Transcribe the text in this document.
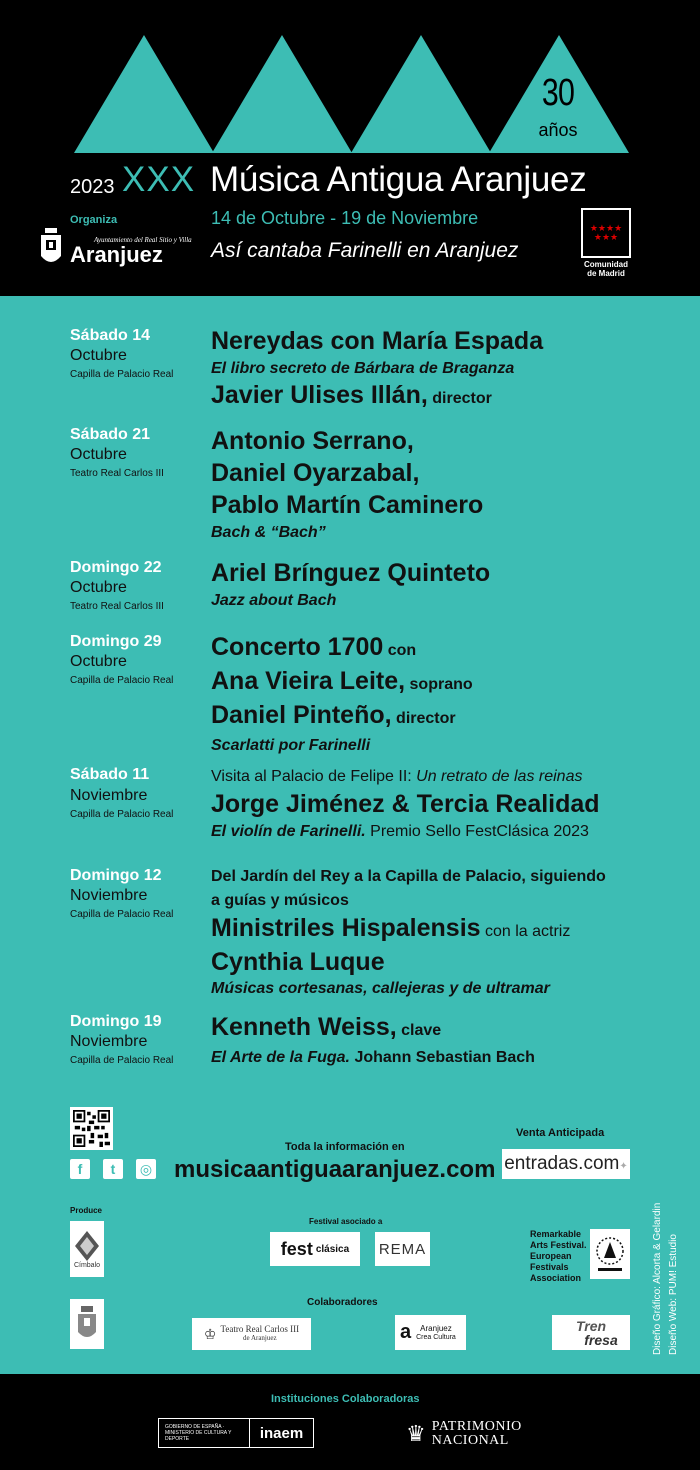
30
años
2023 XXX Música Antigua Aranjuez
Organiza
Ayuntamiento del Real Sitio y Villa
Aranjuez
14 de Octubre - 19 de Noviembre
Así cantaba Farinelli en Aranjuez
★★★★
★★★
Comunidad
de Madrid
Sábado 14
Octubre
Capilla de Palacio Real
Nereydas con María Espada
El libro secreto de Bárbara de Braganza
Javier Ulises Illán, director
Sábado 21
Octubre
Teatro Real Carlos III
Antonio Serrano,
Daniel Oyarzabal,
Pablo Martín Caminero
Bach & “Bach”
Domingo 22
Octubre
Teatro Real Carlos III
Ariel Brínguez Quinteto
Jazz about Bach
Domingo 29
Octubre
Capilla de Palacio Real
Concerto 1700 con
Ana Vieira Leite, soprano
Daniel Pinteño, director
Scarlatti por Farinelli
Sábado 11
Noviembre
Capilla de Palacio Real
Visita al Palacio de Felipe II: Un retrato de las reinas
Jorge Jiménez & Tercia Realidad
El violín de Farinelli. Premio Sello FestClásica 2023
Domingo 12
Noviembre
Capilla de Palacio Real
Del Jardín del Rey a la Capilla de Palacio, siguiendo
a guías y músicos
Ministriles Hispalensis con la actriz
Cynthia Luque
Músicas cortesanas, callejeras y de ultramar
Domingo 19
Noviembre
Capilla de Palacio Real
Kenneth Weiss, clave
El Arte de la Fuga. Johann Sebastian Bach
f	t	◎
Toda la información en
musicaantiguaaranjuez.com
Venta Anticipada
entradas.com✦
Diseño Gráfico: Alcorta & Gelardin Diseño Web: PUM! Estudio
Produce
Címbalo
Festival asociado a
fest clásica REMA
Remarkable
Arts Festival.
European
Festivals
Association
Colaboradores
♔ Teatro Real Carlos III
de Aranjuez	a	Aranjuez
Crea Cultura
Tren
fresa
Instituciones Colaboradoras
GOBIERNO DE ESPAÑA · MINISTERIO DE CULTURA Y DEPORTE	inaem	♛ PATRIMONIO
NACIONAL
